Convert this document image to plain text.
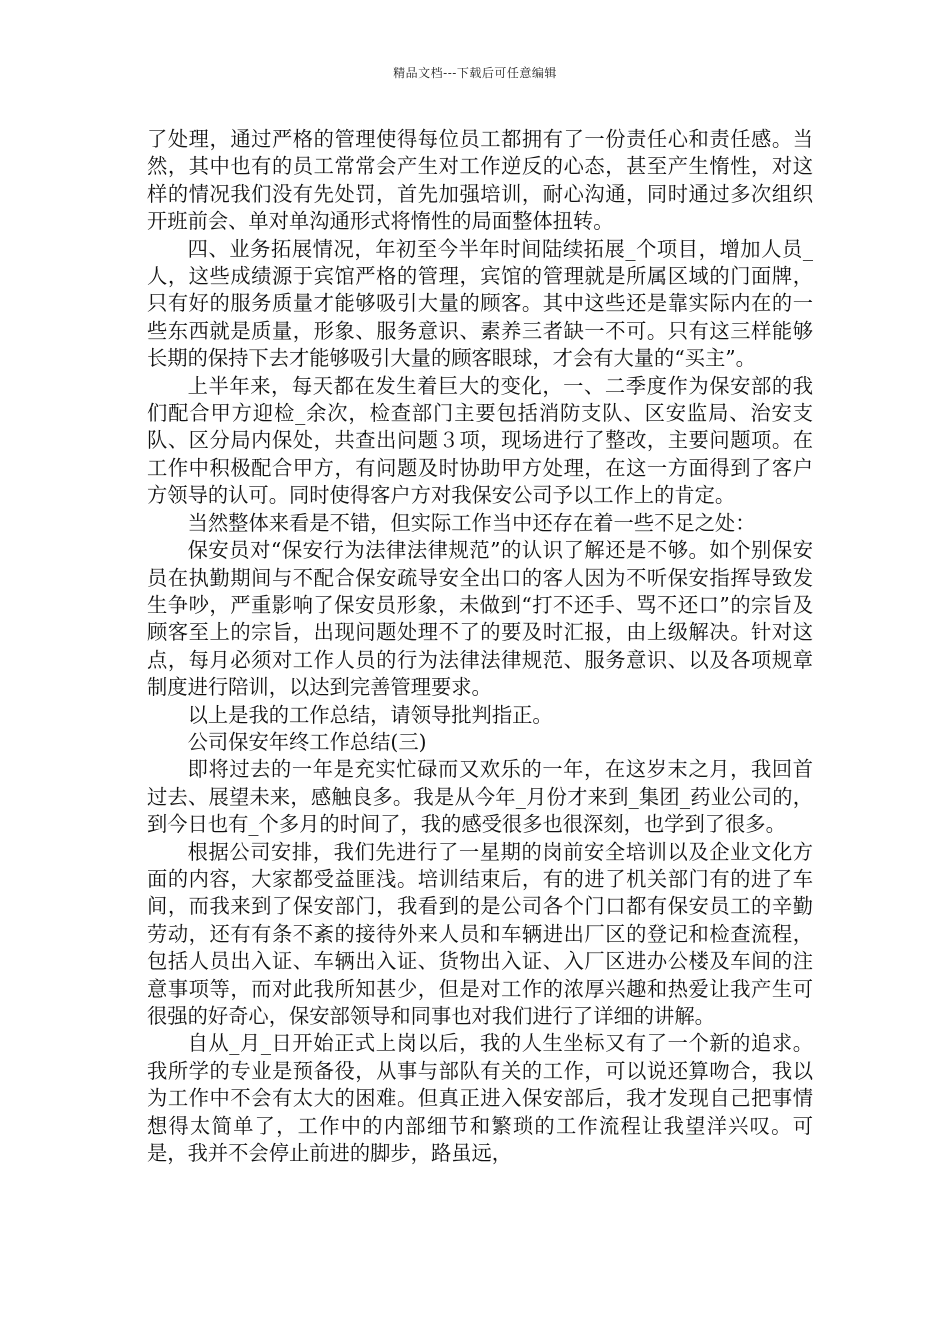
精品文档---下载后可任意编辑

了处理，通过严格的管理使得每位员工都拥有了一份责任心和责任感。当然，其中也有的员工常常会产生对工作逆反的心态，甚至产生惰性，对这样的情况我们没有先处罚，首先加强培训，耐心沟通，同时通过多次组织开班前会、单对单沟通形式将惰性的局面整体扭转。

四、业务拓展情况，年初至今半年时间陆续拓展_个项目，增加人员_人，这些成绩源于宾馆严格的管理，宾馆的管理就是所属区域的门面牌，只有好的服务质量才能够吸引大量的顾客。其中这些还是靠实际内在的一些东西就是质量，形象、服务意识、素养三者缺一不可。只有这三样能够长期的保持下去才能够吸引大量的顾客眼球，才会有大量的“买主”。

上半年来，每天都在发生着巨大的变化，一、二季度作为保安部的我们配合甲方迎检_余次，检查部门主要包括消防支队、区安监局、治安支队、区分局内保处，共查出问题３项，现场进行了整改，主要问题项。在工作中积极配合甲方，有问题及时协助甲方处理，在这一方面得到了客户方领导的认可。同时使得客户方对我保安公司予以工作上的肯定。

当然整体来看是不错，但实际工作当中还存在着一些不足之处：

保安员对“保安行为法律法律规范”的认识了解还是不够。如个别保安员在执勤期间与不配合保安疏导安全出口的客人因为不听保安指挥导致发生争吵，严重影响了保安员形象，未做到“打不还手、骂不还口”的宗旨及顾客至上的宗旨，出现问题处理不了的要及时汇报，由上级解决。针对这点，每月必须对工作人员的行为法律法律规范、服务意识、以及各项规章制度进行陪训，以达到完善管理要求。

以上是我的工作总结，请领导批判指正。

公司保安年终工作总结(三)

即将过去的一年是充实忙碌而又欢乐的一年，在这岁末之月，我回首过去、展望未来，感触良多。我是从今年_月份才来到_集团_药业公司的，到今日也有_个多月的时间了，我的感受很多也很深刻，也学到了很多。

根据公司安排，我们先进行了一星期的岗前安全培训以及企业文化方面的内容，大家都受益匪浅。培训结束后，有的进了机关部门有的进了车间，而我来到了保安部门，我看到的是公司各个门口都有保安员工的辛勤劳动，还有有条不紊的接待外来人员和车辆进出厂区的登记和检查流程，包括人员出入证、车辆出入证、货物出入证、入厂区进办公楼及车间的注意事项等，而对此我所知甚少，但是对工作的浓厚兴趣和热爱让我产生可很强的好奇心，保安部领导和同事也对我们进行了详细的讲解。

自从_月_日开始正式上岗以后，我的人生坐标又有了一个新的追求。我所学的专业是预备役，从事与部队有关的工作，可以说还算吻合，我以为工作中不会有太大的困难。但真正进入保安部后，我才发现自己把事情想得太简单了，工作中的内部细节和繁琐的工作流程让我望洋兴叹。可是，我并不会停止前进的脚步，路虽远，
